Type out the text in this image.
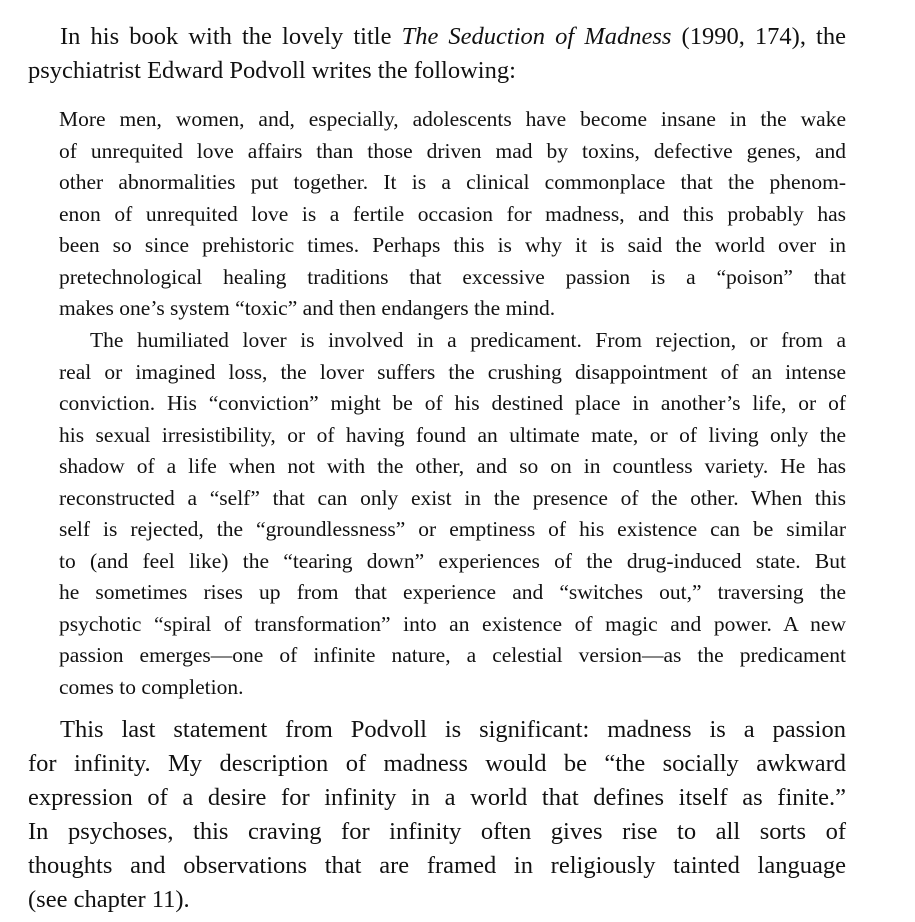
In his book with the lovely title The Seduction of Madness (1990, 174), the
psychiatrist Edward Podvoll writes the following:
More men, women, and, especially, adolescents have become insane in the wake
of unrequited love affairs than those driven mad by toxins, defective genes, and
other abnormalities put together. It is a clinical commonplace that the phenom-
enon of unrequited love is a fertile occasion for madness, and this probably has
been so since prehistoric times. Perhaps this is why it is said the world over in
pretechnological healing traditions that excessive passion is a “poison” that
makes one’s system “toxic” and then endangers the mind.
The humiliated lover is involved in a predicament. From rejection, or from a
real or imagined loss, the lover suffers the crushing disappointment of an intense
conviction. His “conviction” might be of his destined place in another’s life, or of
his sexual irresistibility, or of having found an ultimate mate, or of living only the
shadow of a life when not with the other, and so on in countless variety. He has
reconstructed a “self” that can only exist in the presence of the other. When this
self is rejected, the “groundlessness” or emptiness of his existence can be similar
to (and feel like) the “tearing down” experiences of the drug-induced state. But
he sometimes rises up from that experience and “switches out,” traversing the
psychotic “spiral of transformation” into an existence of magic and power. A new
passion emerges—one of infinite nature, a celestial version—as the predicament
comes to completion.
This last statement from Podvoll is significant: madness is a passion
for infinity. My description of madness would be “the socially awkward
expression of a desire for infinity in a world that defines itself as finite.”
In psychoses, this craving for infinity often gives rise to all sorts of
thoughts and observations that are framed in religiously tainted language
(see chapter 11).
